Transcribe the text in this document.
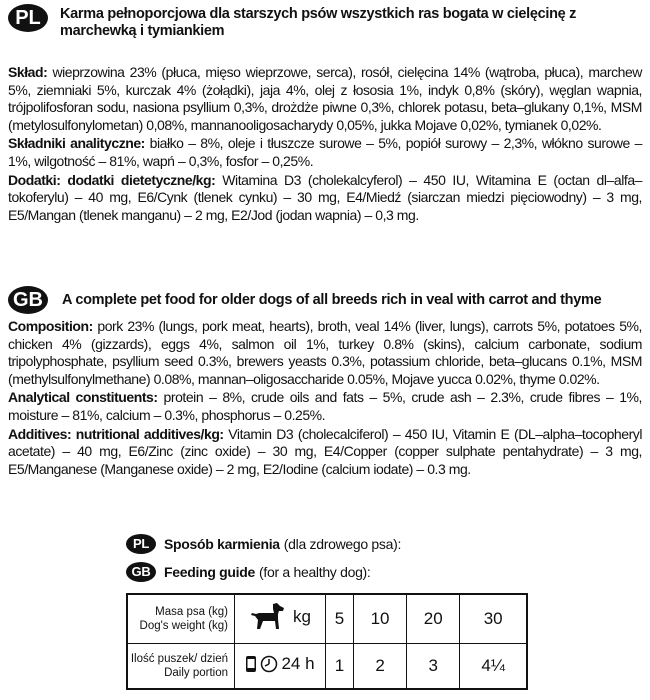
PL Karma pełnoporcjowa dla starszych psów wszystkich ras bogata w cielęcinę z marchewką i tymiankiem

Skład: wieprzowina 23% (płuca, mięso wieprzowe, serca), rosół, cielęcina 14% (wątroba, płuca), marchew 5%, ziemniaki 5%, kurczak 4% (żołądki), jaja 4%, olej z łososia 1%, indyk 0,8% (skóry), węglan wapnia, trójpolifosforan sodu, nasiona psyllium 0,3%, drożdże piwne 0,3%, chlorek potasu, beta–glukany 0,1%, MSM (metylosulfonylometan) 0,08%, mannanooligosacharydy 0,05%, jukka Mojave 0,02%, tymianek 0,02%.

Składniki analityczne: białko – 8%, oleje i tłuszcze surowe – 5%, popiół surowy – 2,3%, włókno surowe – 1%, wilgotność – 81%, wapń – 0,3%, fosfor – 0,25%.

Dodatki: dodatki dietetyczne/kg: Witamina D3 (cholekalcyferol) – 450 IU, Witamina E (octan dl–alfa–tokoferylu) – 40 mg, E6/Cynk (tlenek cynku) – 30 mg, E4/Miedź (siarczan miedzi pięciowodny) – 3 mg, E5/Mangan (tlenek manganu) – 2 mg, E2/Jod (jodan wapnia) – 0,3 mg.

GB A complete pet food for older dogs of all breeds rich in veal with carrot and thyme

Composition: pork 23% (lungs, pork meat, hearts), broth, veal 14% (liver, lungs), carrots 5%, potatoes 5%, chicken 4% (gizzards), eggs 4%, salmon oil 1%, turkey 0.8% (skins), calcium carbonate, sodium tripolyphosphate, psyllium seed 0.3%, brewers yeasts 0.3%, potassium chloride, beta–glucans 0.1%, MSM (methylsulfonylmethane) 0.08%, mannan–oligosaccharide 0.05%, Mojave yucca 0.02%, thyme 0.02%.

Analytical constituents: protein – 8%, crude oils and fats – 5%, crude ash – 2.3%, crude fibres – 1%, moisture – 81%, calcium – 0.3%, phosphorus – 0.25%.

Additives: nutritional additives/kg: Vitamin D3 (cholecalciferol) – 450 IU, Vitamin E (DL–alpha–tocopheryl acetate) – 40 mg, E6/Zinc (zinc oxide) – 30 mg, E4/Copper (copper sulphate pentahydrate) – 3 mg, E5/Manganese (Manganese oxide) – 2 mg, E2/Iodine (calcium iodate) – 0.3 mg.

PL	Sposób karmienia (dla zdrowego psa):
GB Feeding guide (for a healthy dog):
Masa psa (kg)
Dog's weight (kg)	kg	5	10	20	30

Ilość puszek/ dzień
Daily portion	24 h	1	2	3	4¼
